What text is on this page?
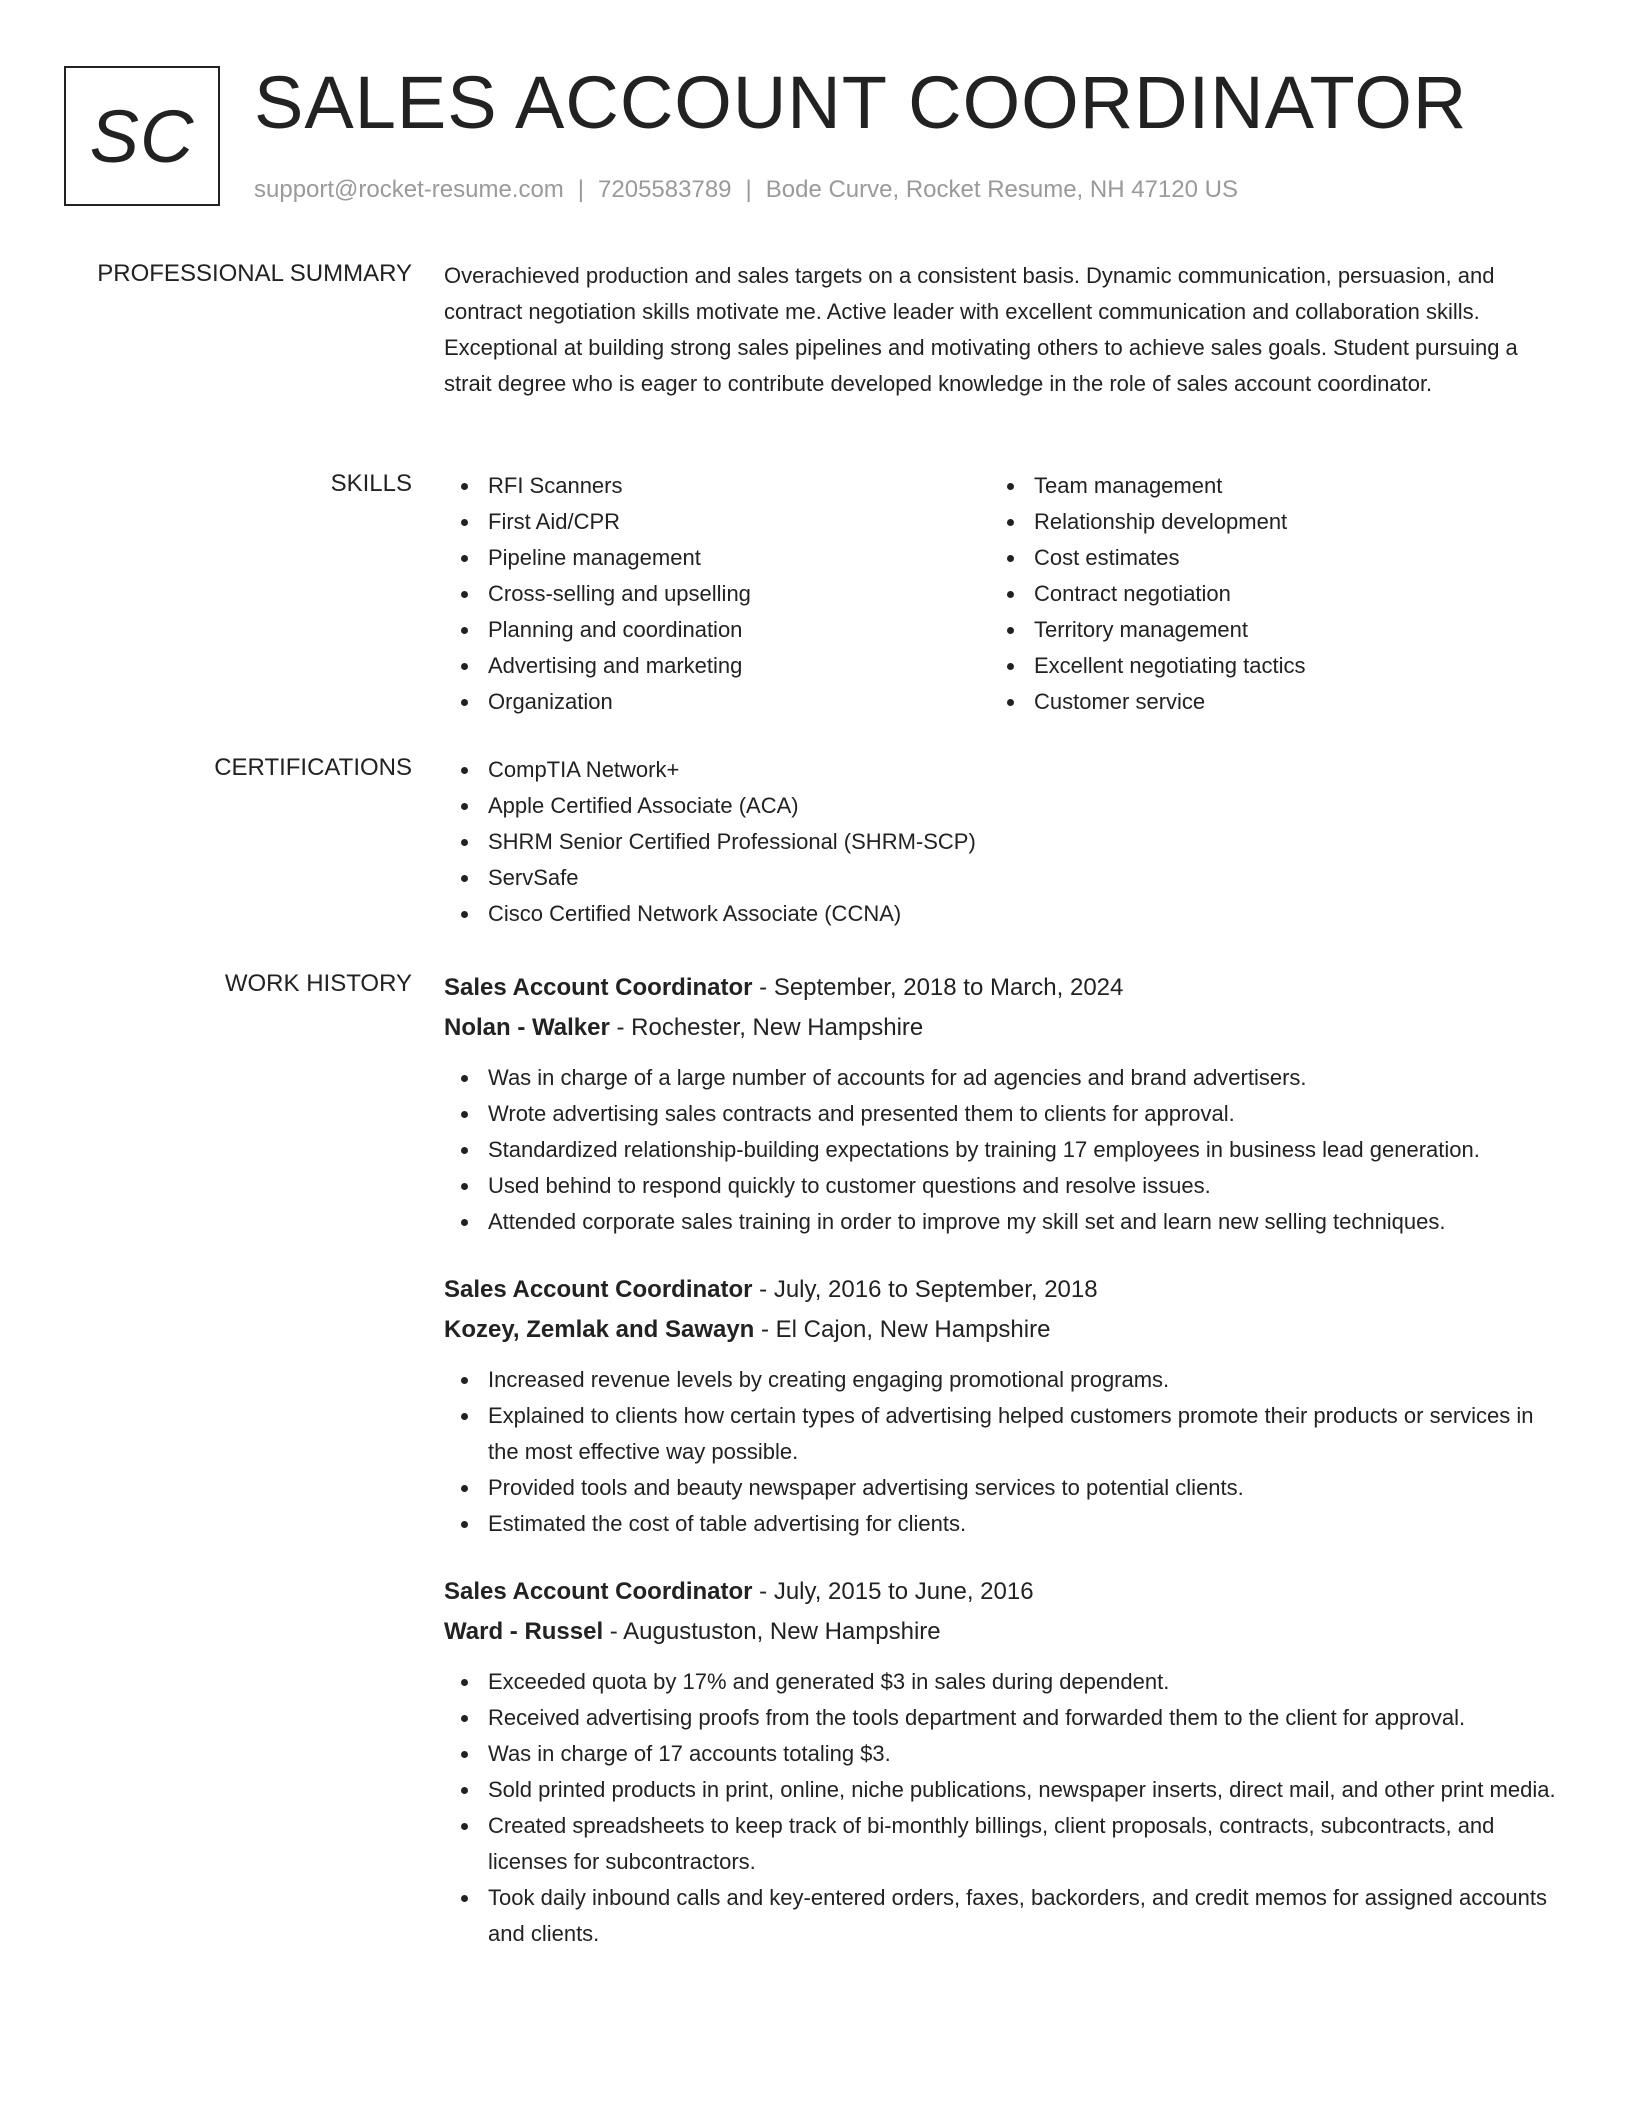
SC SALES ACCOUNT COORDINATOR
support@rocket-resume.com | 7205583789 | Bode Curve, Rocket Resume, NH 47120 US
PROFESSIONAL SUMMARY Overachieved production and sales targets on a consistent basis. Dynamic communication, persuasion, and contract negotiation skills motivate me. Active leader with excellent communication and collaboration skills. Exceptional at building strong sales pipelines and motivating others to achieve sales goals. Student pursuing a strait degree who is eager to contribute developed knowledge in the role of sales account coordinator.

SKILLS	RFI Scanners
First Aid/CPR
Pipeline management
Cross-selling and upselling
Planning and coordination
Advertising and marketing
Organization
Team management
Relationship development
Cost estimates
Contract negotiation
Territory management
Excellent negotiating tactics
Customer service
CERTIFICATIONS	CompTIA Network+
Apple Certified Associate (ACA)
SHRM Senior Certified Professional (SHRM-SCP)
ServSafe
Cisco Certified Network Associate (CCNA)
WORK HISTORY Sales Account Coordinator - September, 2018 to March, 2024
Nolan - Walker - Rochester, New Hampshire
Was in charge of a large number of accounts for ad agencies and brand advertisers.
Wrote advertising sales contracts and presented them to clients for approval.
Standardized relationship-building expectations by training 17 employees in business lead generation.
Used behind to respond quickly to customer questions and resolve issues.
Attended corporate sales training in order to improve my skill set and learn new selling techniques.
Sales Account Coordinator - July, 2016 to September, 2018
Kozey, Zemlak and Sawayn - El Cajon, New Hampshire
Increased revenue levels by creating engaging promotional programs.
Explained to clients how certain types of advertising helped customers promote their products or services in the most effective way possible.
Provided tools and beauty newspaper advertising services to potential clients.
Estimated the cost of table advertising for clients.
Sales Account Coordinator - July, 2015 to June, 2016
Ward - Russel - Augustuston, New Hampshire
Exceeded quota by 17% and generated $3 in sales during dependent.
Received advertising proofs from the tools department and forwarded them to the client for approval.
Was in charge of 17 accounts totaling $3.
Sold printed products in print, online, niche publications, newspaper inserts, direct mail, and other print media.
Created spreadsheets to keep track of bi-monthly billings, client proposals, contracts, subcontracts, and licenses for subcontractors.
Took daily inbound calls and key-entered orders, faxes, backorders, and credit memos for assigned accounts and clients.
